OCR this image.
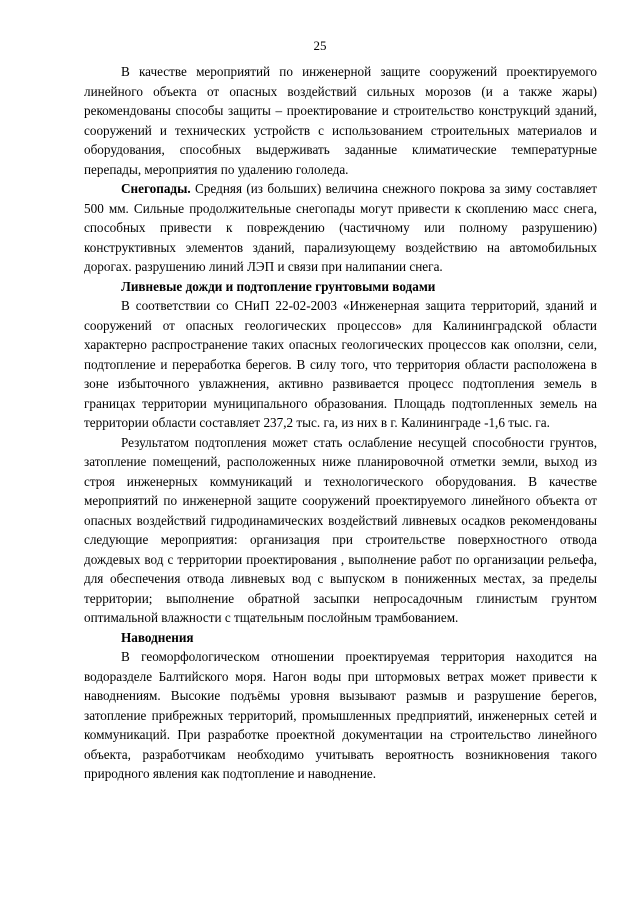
25

В качестве мероприятий по инженерной защите сооружений проектируемого линейного объекта от опасных воздействий сильных морозов (и а также жары) рекомендованы способы защиты – проектирование и строительство конструкций зданий, сооружений и технических устройств с использованием строительных материалов и оборудования, способных выдерживать заданные климатические температурные перепады, мероприятия по удалению гололеда.

Снегопады. Средняя (из больших) величина снежного покрова за зиму составляет 500 мм. Сильные продолжительные снегопады могут привести к скоплению масс снега, способных привести к повреждению (частичному или полному разрушению) конструктивных элементов зданий, парализующему воздействию на автомобильных дорогах. разрушению линий ЛЭП и связи при налипании снега.

Ливневые дожди и подтопление грунтовыми водами

В соответствии со СНиП 22-02-2003 «Инженерная защита территорий, зданий и сооружений от опасных геологических процессов» для Калининградской области характерно распространение таких опасных геологических процессов как оползни, сели, подтопление и переработка берегов. В силу того, что территория области расположена в зоне избыточного увлажнения, активно развивается процесс подтопления земель в границах территории муниципального образования. Площадь подтопленных земель на территории области составляет 237,2 тыс. га, из них в г. Калининграде -1,6 тыс. га.

Результатом подтопления может стать ослабление несущей способности грунтов, затопление помещений, расположенных ниже планировочной отметки земли, выход из строя инженерных коммуникаций и технологического оборудования. В качестве мероприятий по инженерной защите сооружений проектируемого линейного объекта от опасных воздействий гидродинамических воздействий ливневых осадков рекомендованы следующие мероприятия: организация при строительстве поверхностного отвода дождевых вод с территории проектирования , выполнение работ по организации рельефа, для обеспечения отвода ливневых вод с выпуском в пониженных местах, за пределы территории; выполнение обратной засыпки непросадочным глинистым грунтом оптимальной влажности с тщательным послойным трамбованием.

Наводнения

В геоморфологическом отношении проектируемая территория находится на водоразделе Балтийского моря. Нагон воды при штормовых ветрах может привести к наводнениям. Высокие подъёмы уровня вызывают размыв и разрушение берегов, затопление прибрежных территорий, промышленных предприятий, инженерных сетей и коммуникаций. При разработке проектной документации на строительство линейного объекта, разработчикам необходимо учитывать вероятность возникновения такого природного явления как подтопление и наводнение.
